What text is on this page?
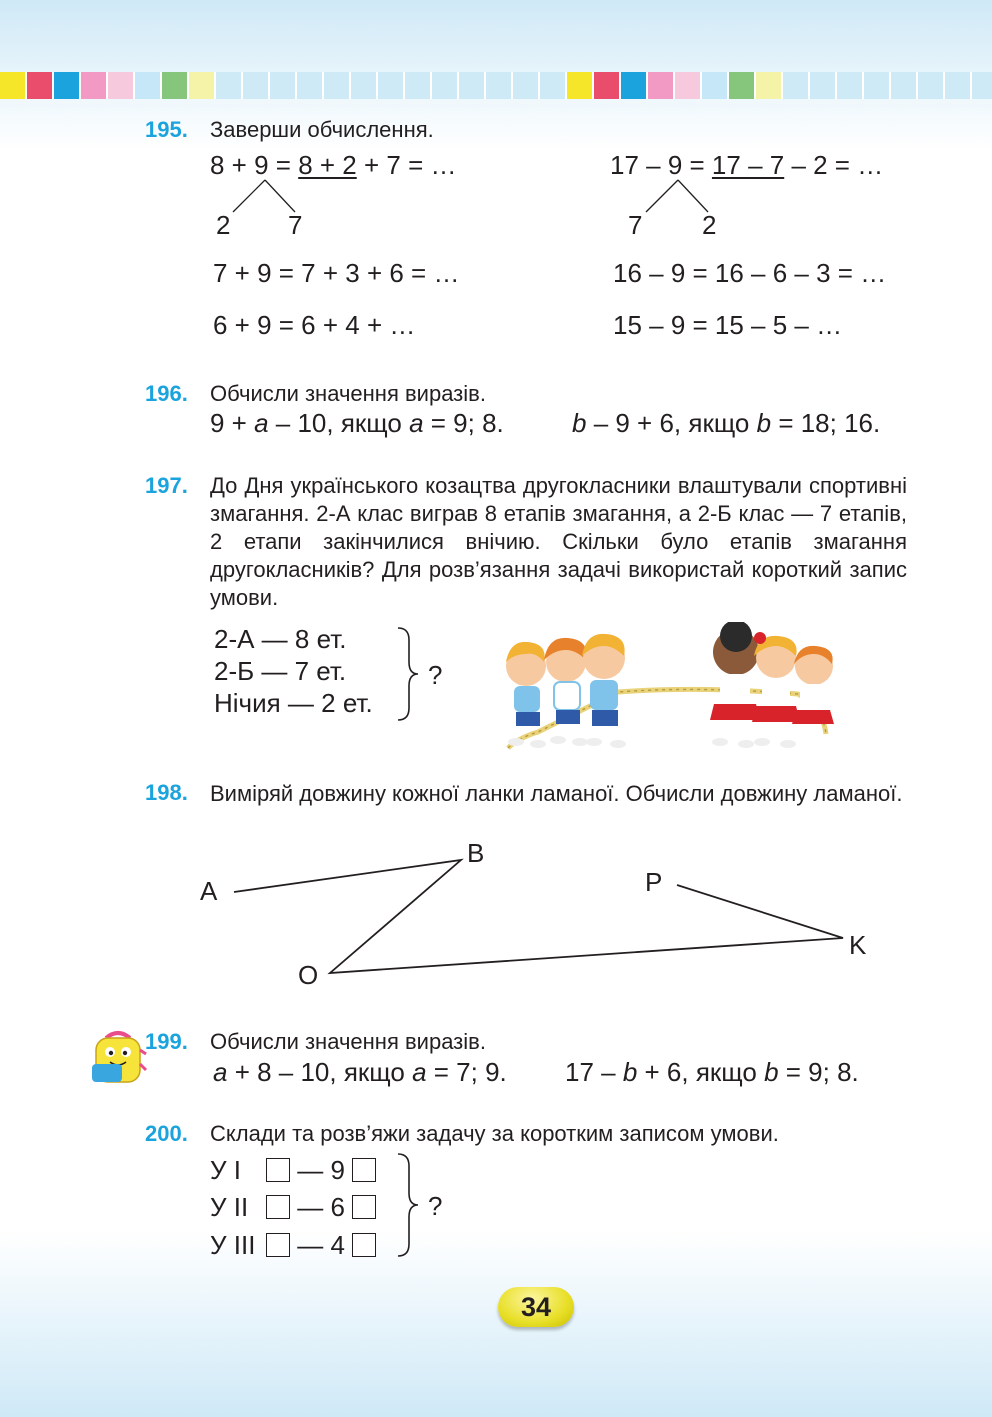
195. Заверши обчислення.
8 + 9 = 8 + 2 + 7 = …
2 7
7 + 9 = 7 + 3 + 6 = …
6 + 9 = 6 + 4 + …
17 – 9 = 17 – 7 – 2 = …
7 2
16 – 9 = 16 – 6 – 3 = …
15 – 9 = 15 – 5 – …
196. Обчисли значення виразів.
9 + a – 10, якщо a = 9; 8.	b – 9 + 6, якщо b = 18; 16.
197. До Дня українського козацтва другокласники влаштували спортивні змагання. 2-А клас виграв 8 етапів змагання, а 2-Б клас — 7 етапів, 2 етапи закінчилися внічию. Скільки було етапів змагання другокласників? Для розв’язання задачі використай короткий запис умови.
2-А — 8 ет.
2-Б — 7 ет.
Нічия — 2 ет.
?
198. Виміряй довжину кожної ланки ламаної. Обчисли довжину ламаної.
A
B
O
P
K
199. Обчисли значення виразів.
a + 8 – 10, якщо a = 7; 9. 17 – b + 6, якщо b = 9; 8.
200. Склади та розв’яжи задачу за коротким записом умови.
У І — 9
У ІІ — 6
У ІІІ — 4
?
34
